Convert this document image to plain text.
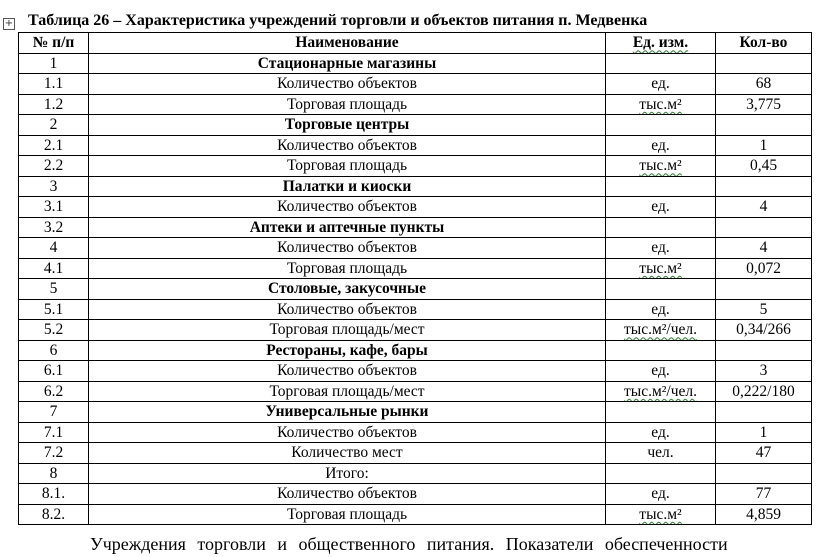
+ Таблица 26 – Характеристика учреждений торговли и объектов питания п. Медвенка
№ п/п	Наименование	Ед. изм.	Кол-во
1	Стационарные магазины		
1.1	Количество объектов	ед.	68
1.2	Торговая площадь	тыс.м²	3,775
2	Торговые центры		
2.1	Количество объектов	ед.	1
2.2	Торговая площадь	тыс.м²	0,45
3	Палатки и киоски		
3.1	Количество объектов	ед.	4
3.2	Аптеки и аптечные пункты		
4	Количество объектов	ед.	4
4.1	Торговая площадь	тыс.м²	0,072
5	Столовые, закусочные		
5.1	Количество объектов	ед.	5
5.2	Торговая площадь/мест	тыс.м²/чел.	0,34/266
6	Рестораны, кафе, бары		
6.1	Количество объектов	ед.	3
6.2	Торговая площадь/мест	тыс.м²/чел.	0,222/180
7	Универсальные рынки		
7.1	Количество объектов	ед.	1
7.2	Количество мест	чел.	47
8	Итого:		
8.1.	Количество объектов	ед.	77
8.2.	Торговая площадь	тыс.м²	4,859
Учреждения торговли и общественного питания. Показатели обеспеченности
